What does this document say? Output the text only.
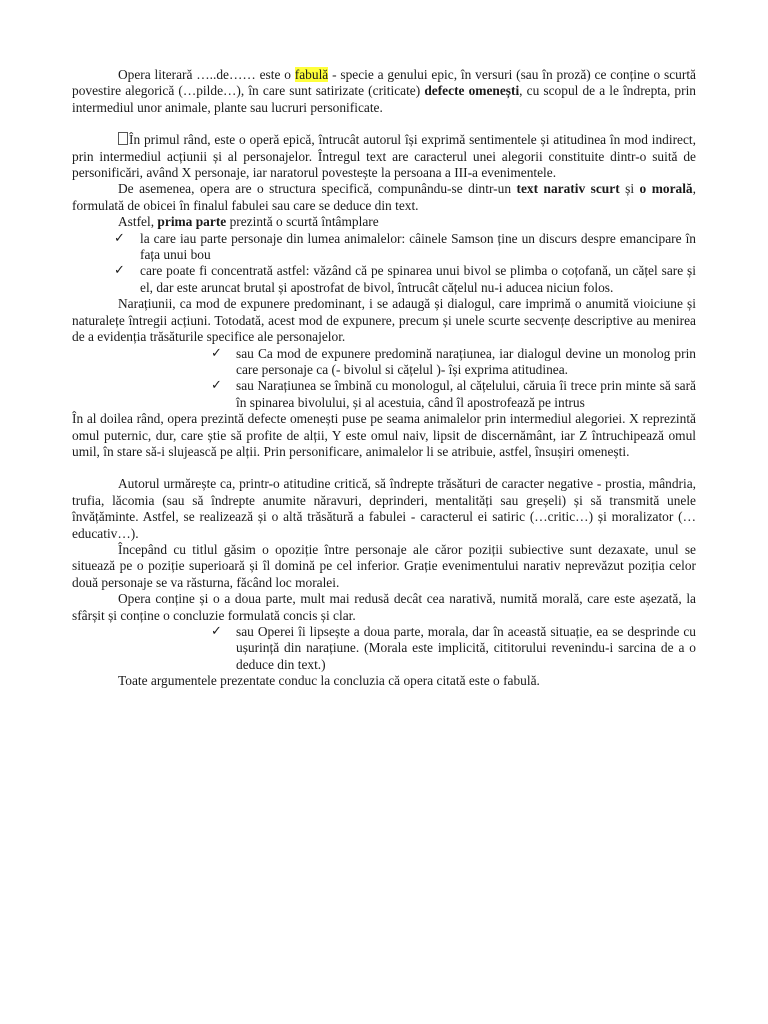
Opera literară …..de…… este o fabulă - specie a genului epic, în versuri (sau în proză) ce conține o scurtă povestire alegorică (…pilde…), în care sunt satirizate (criticate) defecte omenești, cu scopul de a le îndrepta, prin intermediul unor animale, plante sau lucruri personificate.

În primul rând, este o operă epică, întrucât autorul își exprimă sentimentele și atitudinea în mod indirect, prin intermediul acțiunii și al personajelor. Întregul text are caracterul unei alegorii constituite dintr-o suită de personificări, având X personaje, iar naratorul povestește la persoana a III-a evenimentele.

De asemenea, opera are o structura specifică, compunându-se dintr-un text narativ scurt și o morală, formulată de obicei în finalul fabulei sau care se deduce din text.

Astfel, prima parte prezintă o scurtă întâmplare

✓ la care iau parte personaje din lumea animalelor: câinele Samson ține un discurs despre emancipare în fața unui bou
✓ care poate fi concentrată astfel: văzând că pe spinarea unui bivol se plimba o coțofană, un cățel sare și el, dar este aruncat brutal și apostrofat de bivol, întrucât cățelul nu-i aducea niciun folos.

Narațiunii, ca mod de expunere predominant, i se adaugă și dialogul, care imprimă o anumită vioiciune și naturalețe întregii acțiuni. Totodată, acest mod de expunere, precum și unele scurte secvențe descriptive au menirea de a evidenția trăsăturile specifice ale personajelor.

✓ sau Ca mod de expunere predomină narațiunea, iar dialogul devine un monolog prin care personaje ca (- bivolul si cățelul )- își exprima atitudinea.
✓ sau Narațiunea se îmbină cu monologul, al cățelului, căruia îi trece prin minte să sară în spinarea bivolului, și al acestuia, când îl apostrofează pe intrus

În al doilea rând, opera prezintă defecte omenești puse pe seama animalelor prin intermediul alegoriei. X reprezintă omul puternic, dur, care știe să profite de alții, Y este omul naiv, lipsit de discernământ, iar Z întruchipează omul umil, în stare să-i slujească pe alții. Prin personificare, animalelor li se atribuie, astfel, însușiri omenești.

Autorul urmărește ca, printr-o atitudine critică, să îndrepte trăsături de caracter negative - prostia, mândria, trufia, lăcomia (sau să îndrepte anumite năravuri, deprinderi, mentalități sau greșeli) și să transmită unele învățăminte. Astfel, se realizează și o altă trăsătură a fabulei - caracterul ei satiric (…critic…) și moralizator (…educativ…).

Începând cu titlul găsim o opoziție între personaje ale căror poziții subiective sunt dezaxate, unul se situează pe o poziție superioară și îl domină pe cel inferior. Grație evenimentului narativ neprevăzut poziția celor două personaje se va răsturna, făcând loc moralei.

Opera conține și o a doua parte, mult mai redusă decât cea narativă, numită morală, care este așezată, la sfârșit și conține o concluzie formulată concis și clar.

✓ sau Operei îi lipsește a doua parte, morala, dar în această situație, ea se desprinde cu ușurință din narațiune. (Morala este implicită, cititorului revenindu-i sarcina de a o deduce din text.)

Toate argumentele prezentate conduc la concluzia că opera citată este o fabulă.
